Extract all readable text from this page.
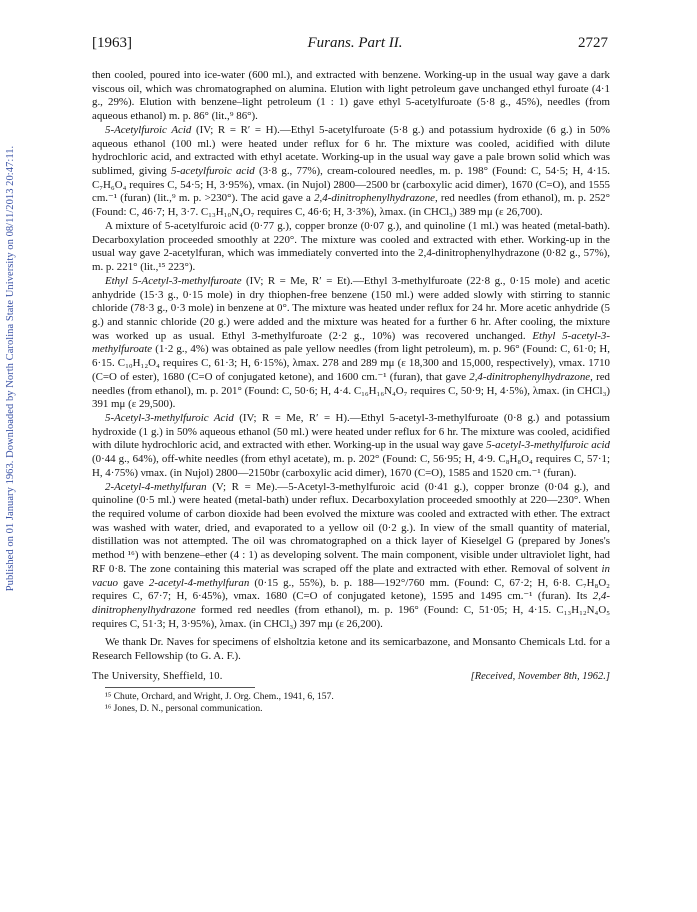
Published on 01 January 1963. Downloaded by North Carolina State University on 08/11/2013 20:47:11.
[1963]	Furans. Part II.	2727

then cooled, poured into ice-water (600 ml.), and extracted with benzene. Working-up in the usual way gave a dark viscous oil, which was chromatographed on alumina. Elution with light petroleum gave unchanged ethyl furoate (4·1 g., 29%). Elution with benzene–light petroleum (1 : 1) gave ethyl 5-acetylfuroate (5·8 g., 45%), needles (from aqueous ethanol) m. p. 86° (lit.,⁹ 86°).

5-Acetylfuroic Acid (IV; R = R′ = H).—Ethyl 5-acetylfuroate (5·8 g.) and potassium hydroxide (6 g.) in 50% aqueous ethanol (100 ml.) were heated under reflux for 6 hr. The mixture was cooled, acidified with dilute hydrochloric acid, and extracted with ethyl acetate. Working-up in the usual way gave a pale brown solid which was sublimed, giving 5-acetylfuroic acid (3·8 g., 77%), cream-coloured needles, m. p. 198° (Found: C, 54·5; H, 4·15. C₇H₆O₄ requires C, 54·5; H, 3·95%), νmax. (in Nujol) 2800—2500 br (carboxylic acid dimer), 1670 (C=O), and 1555 cm.⁻¹ (furan) (lit.,⁹ m. p. >230°). The acid gave a 2,4-dinitrophenylhydrazone, red needles (from ethanol), m. p. 252° (Found: C, 46·7; H, 3·7. C₁₃H₁₀N₄O₇ requires C, 46·6; H, 3·3%), λmax. (in CHCl₃) 389 mμ (ε 26,700).

A mixture of 5-acetylfuroic acid (0·77 g.), copper bronze (0·07 g.), and quinoline (1 ml.) was heated (metal-bath). Decarboxylation proceeded smoothly at 220°. The mixture was cooled and extracted with ether. Working-up in the usual way gave 2-acetylfuran, which was immediately converted into the 2,4-dinitrophenylhydrazone (0·82 g., 57%), m. p. 221° (lit.,¹⁵ 223°).

Ethyl 5-Acetyl-3-methylfuroate (IV; R = Me, R′ = Et).—Ethyl 3-methylfuroate (22·8 g., 0·15 mole) and acetic anhydride (15·3 g., 0·15 mole) in dry thiophen-free benzene (150 ml.) were added slowly with stirring to stannic chloride (78·3 g., 0·3 mole) in benzene at 0°. The mixture was heated under reflux for 24 hr. More acetic anhydride (5 g.) and stannic chloride (20 g.) were added and the mixture was heated for a further 6 hr. After cooling, the mixture was worked up as usual. Ethyl 3-methylfuroate (2·2 g., 10%) was recovered unchanged. Ethyl 5-acetyl-3-methylfuroate (1·2 g., 4%) was obtained as pale yellow needles (from light petroleum), m. p. 96° (Found: C, 61·0; H, 6·15. C₁₀H₁₂O₄ requires C, 61·3; H, 6·15%), λmax. 278 and 289 mμ (ε 18,300 and 15,000, respectively), νmax. 1710 (C=O of ester), 1680 (C=O of conjugated ketone), and 1600 cm.⁻¹ (furan), that gave 2,4-dinitrophenylhydrazone, red needles (from ethanol), m. p. 201° (Found: C, 50·6; H, 4·4. C₁₆H₁₆N₄O₇ requires C, 50·9; H, 4·5%), λmax. (in CHCl₃) 391 mμ (ε 29,500).

5-Acetyl-3-methylfuroic Acid (IV; R = Me, R′ = H).—Ethyl 5-acetyl-3-methylfuroate (0·8 g.) and potassium hydroxide (1 g.) in 50% aqueous ethanol (50 ml.) were heated under reflux for 6 hr. The mixture was cooled, acidified with dilute hydrochloric acid, and extracted with ether. Working-up in the usual way gave 5-acetyl-3-methylfuroic acid (0·44 g., 64%), off-white needles (from ethyl acetate), m. p. 202° (Found: C, 56·95; H, 4·9. C₈H₈O₄ requires C, 57·1; H, 4·75%) νmax. (in Nujol) 2800—2150br (carboxylic acid dimer), 1670 (C=O), 1585 and 1520 cm.⁻¹ (furan).

2-Acetyl-4-methylfuran (V; R = Me).—5-Acetyl-3-methylfuroic acid (0·41 g.), copper bronze (0·04 g.), and quinoline (0·5 ml.) were heated (metal-bath) under reflux. Decarboxylation proceeded smoothly at 220—230°. When the required volume of carbon dioxide had been evolved the mixture was cooled and extracted with ether. The extract was washed with water, dried, and evaporated to a yellow oil (0·2 g.). In view of the small quantity of material, distillation was not attempted. The oil was chromatographed on a thick layer of Kieselgel G (prepared by Jones's method ¹⁶) with benzene–ether (4 : 1) as developing solvent. The main component, visible under ultraviolet light, had RF 0·8. The zone containing this material was scraped off the plate and extracted with ether. Removal of solvent in vacuo gave 2-acetyl-4-methylfuran (0·15 g., 55%), b. p. 188—192°/760 mm. (Found: C, 67·2; H, 6·8. C₇H₈O₂ requires C, 67·7; H, 6·45%), νmax. 1680 (C=O of conjugated ketone), 1595 and 1495 cm.⁻¹ (furan). Its 2,4-dinitrophenylhydrazone formed red needles (from ethanol), m. p. 196° (Found: C, 51·05; H, 4·15. C₁₃H₁₂N₄O₅ requires C, 51·3; H, 3·95%), λmax. (in CHCl₃) 397 mμ (ε 26,200).

We thank Dr. Naves for specimens of elsholtzia ketone and its semicarbazone, and Monsanto Chemicals Ltd. for a Research Fellowship (to G. A. F.).

The University, Sheffield, 10.	[Received, November 8th, 1962.]
¹⁵ Chute, Orchard, and Wright, J. Org. Chem., 1941, 6, 157.
¹⁶ Jones, D. N., personal communication.
